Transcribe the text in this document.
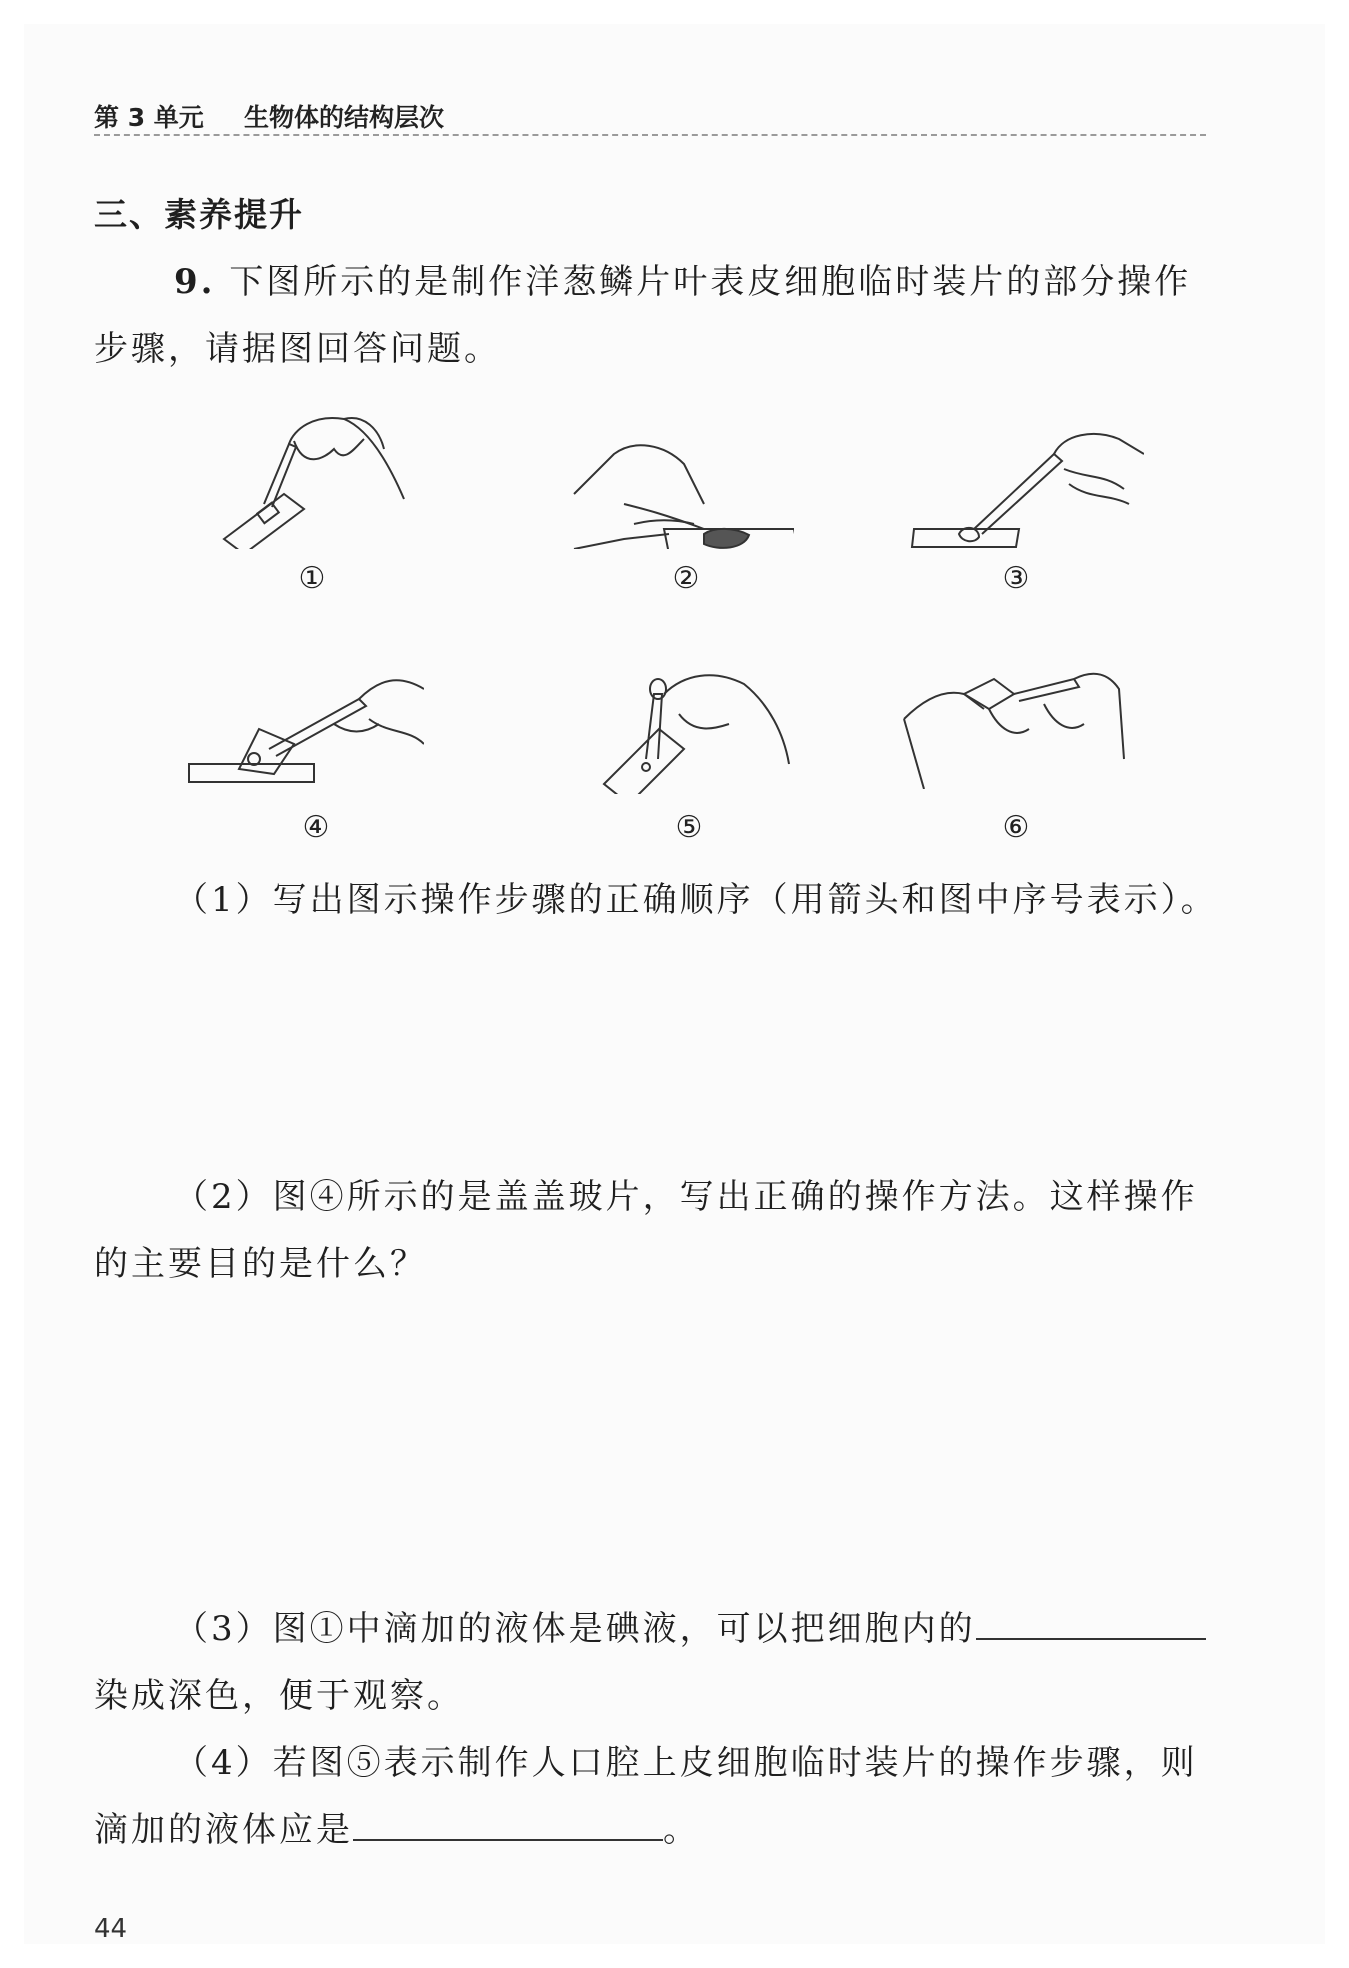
第 3 单元 生物体的结构层次
三、素养提升
9. 下图所示的是制作洋葱鳞片叶表皮细胞临时装片的部分操作步骤，请据图回答问题。
①	②	③
④	⑤	⑥
（1）写出图示操作步骤的正确顺序（用箭头和图中序号表示）。
（2）图④所示的是盖盖玻片，写出正确的操作方法。这样操作的主要目的是什么？
（3）图①中滴加的液体是碘液，可以把细胞内的染成深色，便于观察。
（4）若图⑤表示制作人口腔上皮细胞临时装片的操作步骤，则滴加的液体应是	。
44
